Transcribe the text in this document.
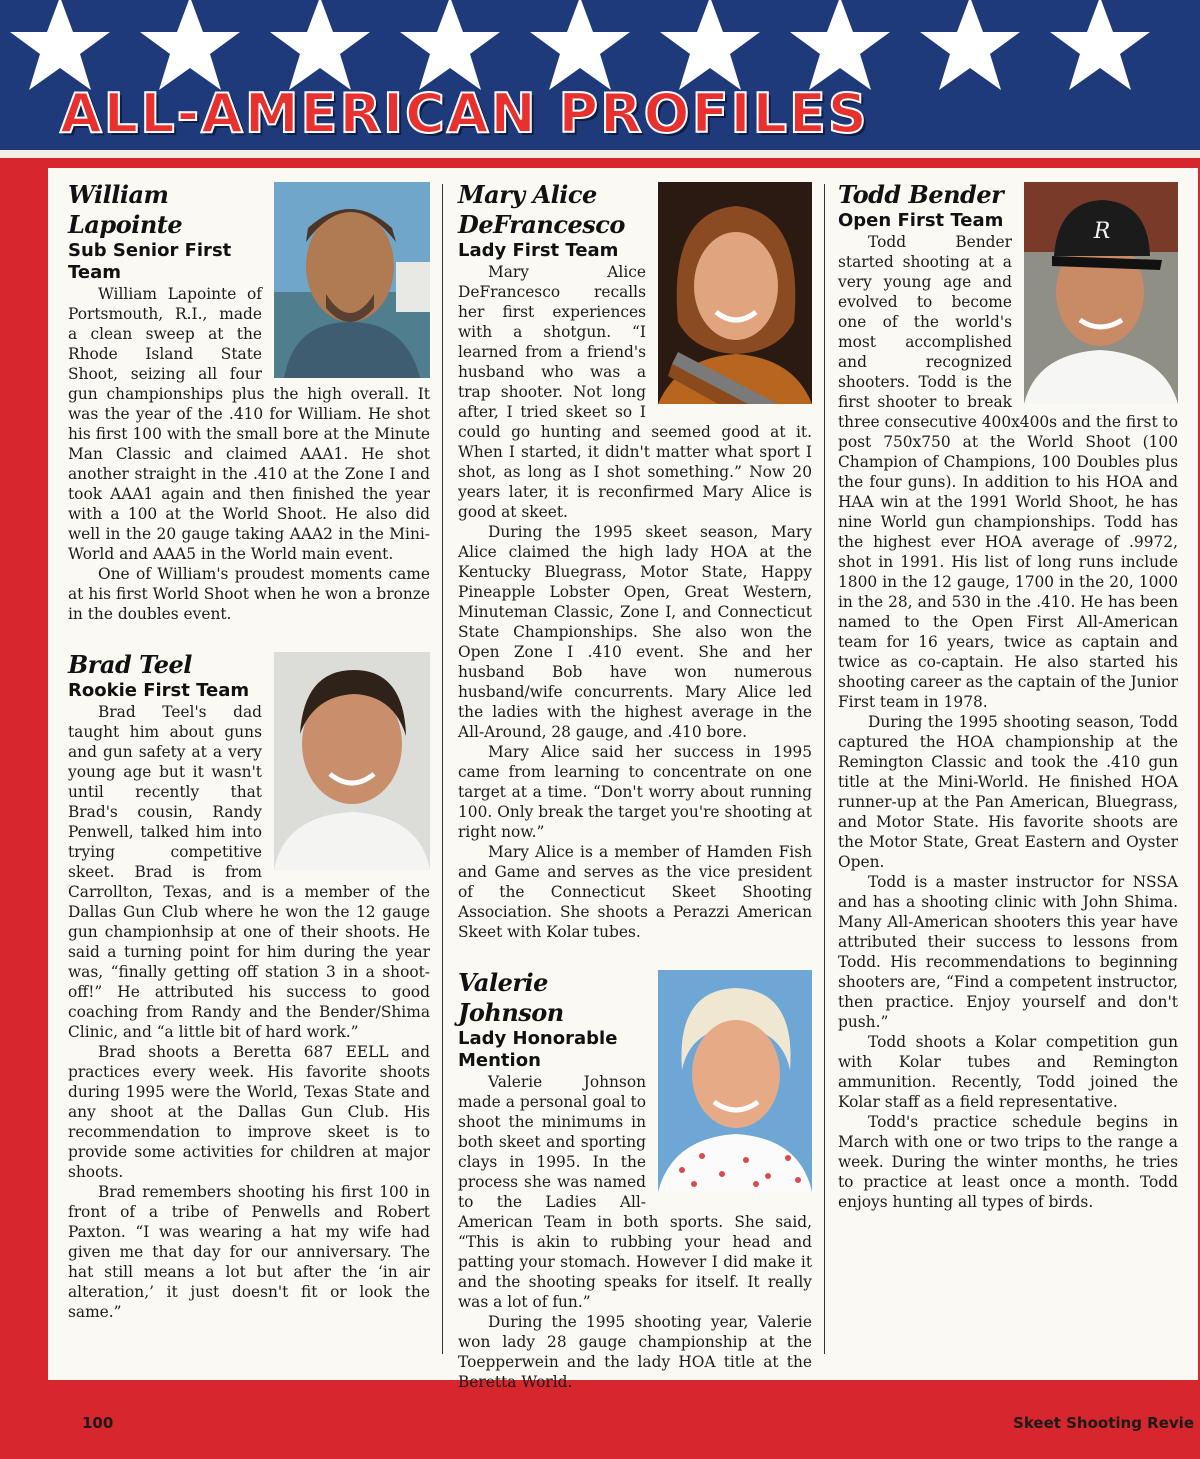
ALL-AMERICAN PROFILES
William Lapointe
Sub Senior First Team

William Lapointe of Portsmouth, R.I., made a clean sweep at the Rhode Island State Shoot, seizing all four gun championships plus the high overall. It was the year of the .410 for William. He shot his first 100 with the small bore at the Minute Man Classic and claimed AAA1. He shot another straight in the .410 at the Zone I and took AAA1 again and then finished the year with a 100 at the World Shoot. He also did well in the 20 gauge taking AAA2 in the Mini-World and AAA5 in the World main event.

One of William's proudest moments came at his first World Shoot when he won a bronze in the doubles event.

Brad Teel
Rookie First Team

Brad Teel's dad taught him about guns and gun safety at a very young age but it wasn't until recently that Brad's cousin, Randy Penwell, talked him into trying competitive skeet. Brad is from Carrollton, Texas, and is a member of the Dallas Gun Club where he won the 12 gauge gun championhsip at one of their shoots. He said a turning point for him during the year was, “finally getting off station 3 in a shoot-off!” He attributed his success to good coaching from Randy and the Bender/Shima Clinic, and “a little bit of hard work.”

Brad shoots a Beretta 687 EELL and practices every week. His favorite shoots during 1995 were the World, Texas State and any shoot at the Dallas Gun Club. His recommendation to improve skeet is to provide some activities for children at major shoots.

Brad remembers shooting his first 100 in front of a tribe of Penwells and Robert Paxton. “I was wearing a hat my wife had given me that day for our anniversary. The hat still means a lot but after the ‘in air alteration,’ it just doesn't fit or look the same.”

Mary Alice
DeFrancesco
Lady First Team

Mary Alice DeFrancesco recalls her first experiences with a shotgun. “I learned from a friend's husband who was a trap shooter. Not long after, I tried skeet so I could go hunting and seemed good at it. When I started, it didn't matter what sport I shot, as long as I shot something.” Now 20 years later, it is reconfirmed Mary Alice is good at skeet.

During the 1995 skeet season, Mary Alice claimed the high lady HOA at the Kentucky Bluegrass, Motor State, Happy Pineapple Lobster Open, Great Western, Minuteman Classic, Zone I, and Connecticut State Championships. She also won the Open Zone I .410 event. She and her husband Bob have won numerous husband/wife concurrents. Mary Alice led the ladies with the highest average in the All-Around, 28 gauge, and .410 bore.

Mary Alice said her success in 1995 came from learning to concentrate on one target at a time. “Don't worry about running 100. Only break the target you're shooting at right now.”

Mary Alice is a member of Hamden Fish and Game and serves as the vice president of the Connecticut Skeet Shooting Association. She shoots a Perazzi American Skeet with Kolar tubes.

Valerie Johnson
Lady Honorable Mention

Valerie Johnson made a personal goal to shoot the minimums in both skeet and sporting clays in 1995. In the process she was named to the Ladies All-American Team in both sports. She said, “This is akin to rubbing your head and patting your stomach. However I did make it and the shooting speaks for itself. It really was a lot of fun.”

During the 1995 shooting year, Valerie won lady 28 gauge championship at the Toepperwein and the lady HOA title at the Beretta World.

R
Todd Bender
Open First Team

Todd Bender started shooting at a very young age and evolved to become one of the world's most accomplished and recognized shooters. Todd is the first shooter to break three consecutive 400x400s and the first to post 750x750 at the World Shoot (100 Champion of Champions, 100 Doubles plus the four guns). In addition to his HOA and HAA win at the 1991 World Shoot, he has nine World gun championships. Todd has the highest ever HOA average of .9972, shot in 1991. His list of long runs include 1800 in the 12 gauge, 1700 in the 20, 1000 in the 28, and 530 in the .410. He has been named to the Open First All-American team for 16 years, twice as captain and twice as co-captain. He also started his shooting career as the captain of the Junior First team in 1978.

During the 1995 shooting season, Todd captured the HOA championship at the Remington Classic and took the .410 gun title at the Mini-World. He finished HOA runner-up at the Pan American, Bluegrass, and Motor State. His favorite shoots are the Motor State, Great Eastern and Oyster Open.

Todd is a master instructor for NSSA and has a shooting clinic with John Shima. Many All-American shooters this year have attributed their success to lessons from Todd. His recommendations to beginning shooters are, “Find a competent instructor, then practice. Enjoy yourself and don't push.”

Todd shoots a Kolar competition gun with Kolar tubes and Remington ammunition. Recently, Todd joined the Kolar staff as a field representative.

Todd's practice schedule begins in March with one or two trips to the range a week. During the winter months, he tries to practice at least once a month. Todd enjoys hunting all types of birds.

100	Skeet Shooting Revie
